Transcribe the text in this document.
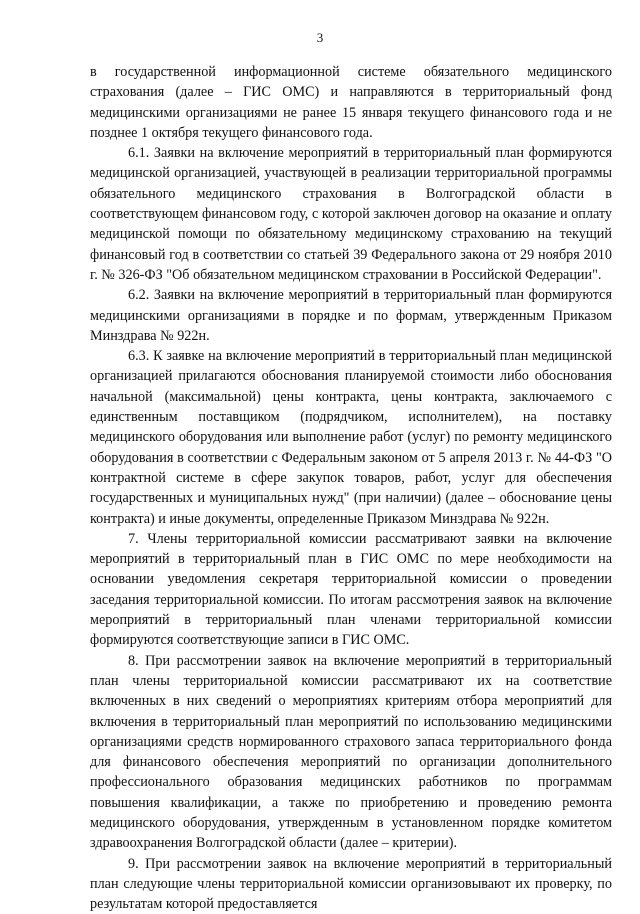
3

в государственной информационной системе обязательного медицинского страхования (далее – ГИС ОМС) и направляются в территориальный фонд медицинскими организациями не ранее 15 января текущего финансового года и не позднее 1 октября текущего финансового года.

6.1. Заявки на включение мероприятий в территориальный план формируются медицинской организацией, участвующей в реализации территориальной программы обязательного медицинского страхования в Волгоградской области в соответствующем финансовом году, с которой заключен договор на оказание и оплату медицинской помощи по обязательному медицинскому страхованию на текущий финансовый год в соответствии со статьей 39 Федерального закона от 29 ноября 2010 г. № 326-ФЗ "Об обязательном медицинском страховании в Российской Федерации".

6.2. Заявки на включение мероприятий в территориальный план формируются медицинскими организациями в порядке и по формам, утвержденным Приказом Минздрава № 922н.

6.3. К заявке на включение мероприятий в территориальный план медицинской организацией прилагаются обоснования планируемой стоимости либо обоснования начальной (максимальной) цены контракта, цены контракта, заключаемого с единственным поставщиком (подрядчиком, исполнителем), на поставку медицинского оборудования или выполнение работ (услуг) по ремонту медицинского оборудования в соответствии с Федеральным законом от 5 апреля 2013 г. № 44-ФЗ "О контрактной системе в сфере закупок товаров, работ, услуг для обеспечения государственных и муниципальных нужд" (при наличии) (далее – обоснование цены контракта) и иные документы, определенные Приказом Минздрава № 922н.

7. Члены территориальной комиссии рассматривают заявки на включение мероприятий в территориальный план в ГИС ОМС по мере необходимости на основании уведомления секретаря территориальной комиссии о проведении заседания территориальной комиссии. По итогам рассмотрения заявок на включение мероприятий в территориальный план членами территориальной комиссии формируются соответствующие записи в ГИС ОМС.

8. При рассмотрении заявок на включение мероприятий в территориальный план члены территориальной комиссии рассматривают их на соответствие включенных в них сведений о мероприятиях критериям отбора мероприятий для включения в территориальный план мероприятий по использованию медицинскими организациями средств нормированного страхового запаса территориального фонда для финансового обеспечения мероприятий по организации дополнительного профессионального образования медицинских работников по программам повышения квалификации, а также по приобретению и проведению ремонта медицинского оборудования, утвержденным в установленном порядке комитетом здравоохранения Волгоградской области (далее – критерии).

9. При рассмотрении заявок на включение мероприятий в территориальный план следующие члены территориальной комиссии организовывают их проверку, по результатам которой предоставляется
